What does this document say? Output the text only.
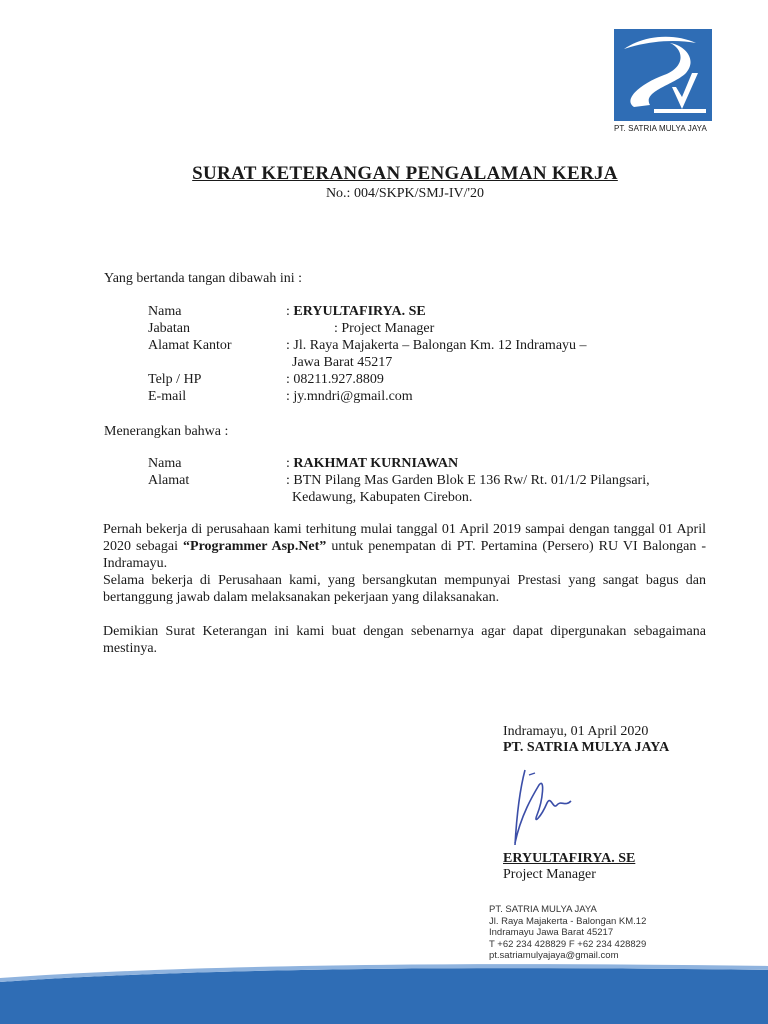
PT. SATRIA MULYA JAYA
SURAT KETERANGAN PENGALAMAN KERJA
No.: 004/SKPK/SMJ-IV/'20
Yang bertanda tangan dibawah ini :
Nama	: ERYULTAFIRYA. SE
Jabatan	: Project Manager
Alamat Kantor	: Jl. Raya Majakerta – Balongan Km. 12 Indramayu –
Jawa Barat 45217
Telp / HP	: 08211.927.8809
E-mail	: jy.mndri@gmail.com
Menerangkan bahwa :
Nama	: RAKHMAT KURNIAWAN
Alamat	: BTN Pilang Mas Garden Blok E 136 Rw/ Rt. 01/1/2 Pilangsari,
Kedawung, Kabupaten Cirebon.
Pernah bekerja di perusahaan kami terhitung mulai tanggal 01 April 2019 sampai dengan tanggal 01 April 2020 sebagai “Programmer Asp.Net” untuk penempatan di PT. Pertamina (Persero) RU VI Balongan - Indramayu.
Selama bekerja di Perusahaan kami, yang bersangkutan mempunyai Prestasi yang sangat bagus dan bertanggung jawab dalam melaksanakan pekerjaan yang dilaksanakan.
Demikian Surat Keterangan ini kami buat dengan sebenarnya agar dapat dipergunakan sebagaimana mestinya.
Indramayu, 01 April 2020
PT. SATRIA MULYA JAYA
ERYULTAFIRYA. SE
Project Manager
PT. SATRIA MULYA JAYA
Jl. Raya Majakerta - Balongan KM.12
Indramayu Jawa Barat 45217
T +62 234 428829 F +62 234 428829
pt.satriamulyajaya@gmail.com
